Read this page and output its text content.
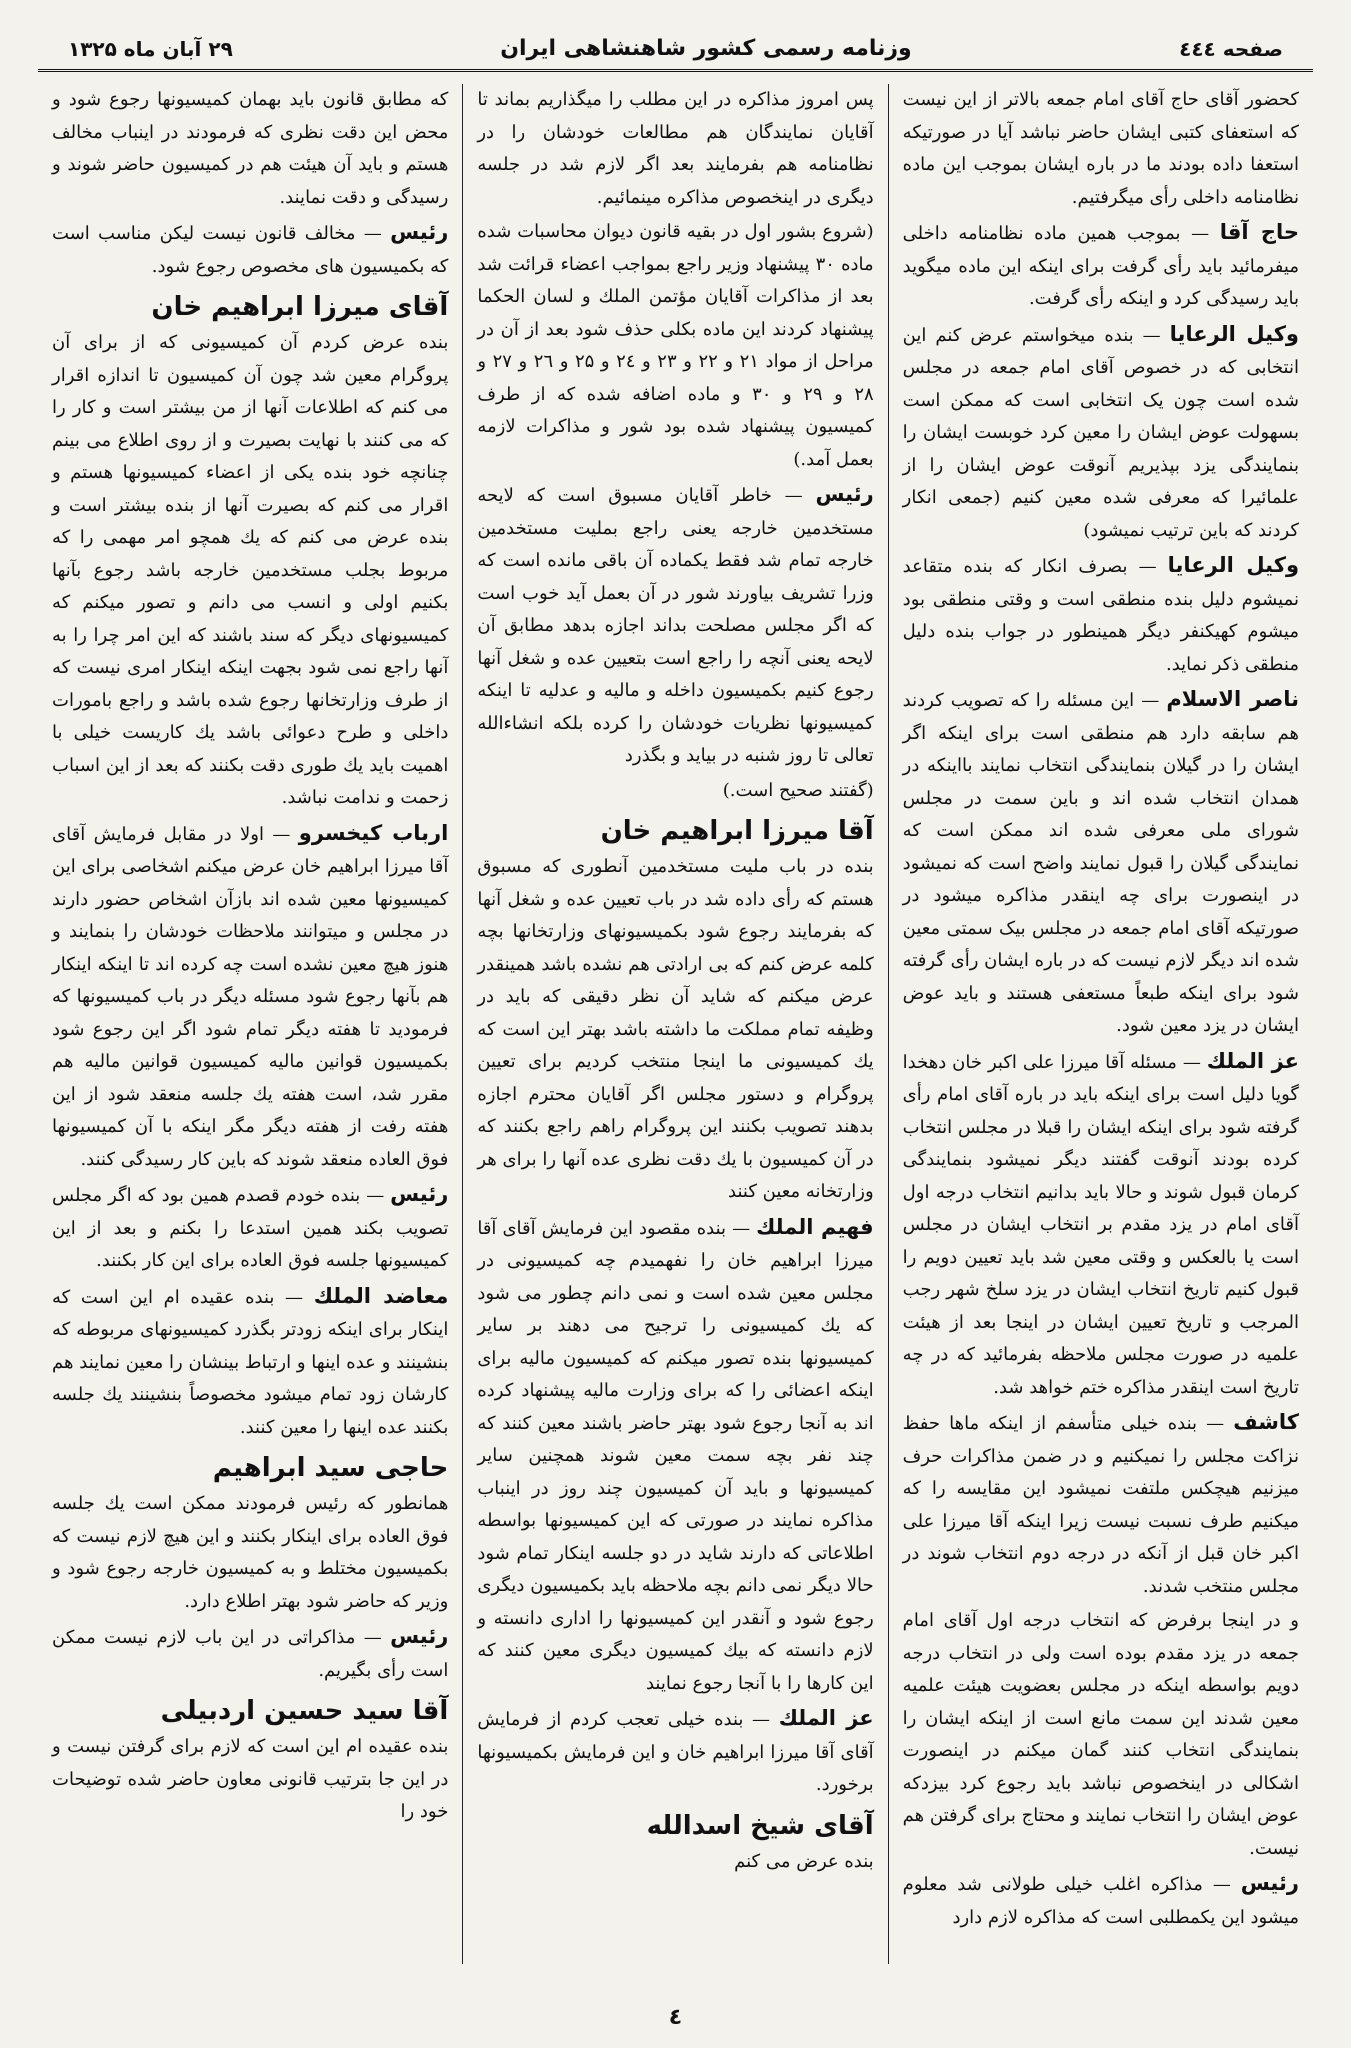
صفحه ٤٤٤
وزنامه رسمی کشور شاهنشاهی ایران
۲۹ آبان ماه ۱۳۲۵

کحضور آقای حاج آقای امام جمعه بالاتر از این نیست که استعفای کتبی ایشان حاضر نباشد آیا در صورتیکه استعفا داده بودند ما در باره ایشان بموجب این ماده نظامنامه داخلی رأی میگرفتیم.

حاج آقا — بموجب همین ماده نظامنامه داخلی میفرمائید باید رأی گرفت برای اینکه این ماده میگوید باید رسیدگی کرد و اینکه رأی گرفت.

وکیل الرعایا — بنده میخواستم عرض کنم این انتخابی که در خصوص آقای امام جمعه در مجلس شده است چون یک انتخابی است که ممکن است بسهولت عوض ایشان را معین کرد خوبست ایشان را بنمایندگی یزد بپذیریم آنوقت عوض ایشان را از علمائیرا که معرفی شده معین کنیم (جمعی انکار کردند که باین ترتیب نمیشود)

وکیل الرعایا — بصرف انکار که بنده متقاعد نمیشوم دلیل بنده منطقی است و وقتی منطقی بود میشوم کهیکنفر دیگر همینطور در جواب بنده دلیل منطقی ذکر نماید.

ناصر الاسلام — این مسئله را که تصویب کردند هم سابقه دارد هم منطقی است برای اینکه اگر ایشان را در گیلان بنمایندگی انتخاب نمایند بااینکه در همدان انتخاب شده اند و باین سمت در مجلس شورای ملی معرفی شده اند ممکن است که نمایندگی گیلان را قبول نمایند واضح است که نمیشود در اینصورت برای چه اینقدر مذاکره میشود در صورتیکه آقای امام جمعه در مجلس بیک سمتی معین شده اند دیگر لازم نیست که در باره ایشان رأی گرفته شود برای اینکه طبعاً مستعفی هستند و باید عوض ایشان در یزد معین شود.

عز الملك — مسئله آقا میرزا علی اکبر خان دهخدا گویا دلیل است برای اینکه باید در باره آقای امام رأی گرفته شود برای اینکه ایشان را قبلا در مجلس انتخاب کرده بودند آنوقت گفتند دیگر نمیشود بنمایندگی کرمان قبول شوند و حالا باید بدانیم انتخاب درجه اول آقای امام در یزد مقدم بر انتخاب ایشان در مجلس است یا بالعکس و وقتی معین شد باید تعیین دویم را قبول کنیم تاریخ انتخاب ایشان در یزد سلخ شهر رجب المرجب و تاریخ تعیین ایشان در اینجا بعد از هیئت علمیه در صورت مجلس ملاحظه بفرمائید که در چه تاریخ است اینقدر مذاکره ختم خواهد شد.

کاشف — بنده خیلی متأسفم از اینکه ماها حفظ نزاکت مجلس را نمیکنیم و در ضمن مذاکرات حرف میزنیم هیچکس ملتفت نمیشود این مقایسه را که میکنیم طرف نسبت نیست زیرا اینکه آقا میرزا علی اکبر خان قبل از آنکه در درجه دوم انتخاب شوند در مجلس منتخب شدند.

و در اینجا برفرض که انتخاب درجه اول آقای امام جمعه در یزد مقدم بوده است ولی در انتخاب درجه دویم بواسطه اینکه در مجلس بعضویت هیئت علمیه معین شدند این سمت مانع است از اینکه ایشان را بنمایندگی انتخاب کنند گمان میکنم در اینصورت اشکالی در اینخصوص نباشد باید رجوع کرد بیزدکه عوض ایشان را انتخاب نمایند و محتاج برای گرفتن هم نیست.

رئیس — مذاکره اغلب خیلی طولانی شد معلوم میشود این یکمطلبی است که مذاکره لازم دارد

پس امروز مذاکره در این مطلب را میگذاریم بماند تا آقایان نمایندگان هم مطالعات خودشان را در نظامنامه هم بفرمایند بعد اگر لازم شد در جلسه دیگری در اینخصوص مذاکره مینمائیم.

(شروع بشور اول در بقیه قانون دیوان محاسبات شده ماده ۳۰ پیشنهاد وزیر راجع بمواجب اعضاء قرائت شد بعد از مذاکرات آقایان مؤتمن الملك و لسان الحکما پیشنهاد کردند این ماده بکلی حذف شود بعد از آن در مراحل از مواد ۲۱ و ۲۲ و ۲۳ و ۲٤ و ۲۵ و ۲٦ و ۲۷ و ۲۸ و ۲۹ و ۳۰ و ماده اضافه شده که از طرف کمیسیون پیشنهاد شده بود شور و مذاکرات لازمه بعمل آمد.)

رئیس — خاطر آقایان مسبوق است که لایحه مستخدمین خارجه یعنی راجع بملیت مستخدمین خارجه تمام شد فقط یکماده آن باقی مانده است که وزرا تشریف بیاورند شور در آن بعمل آید خوب است که اگر مجلس مصلحت بداند اجازه بدهد مطابق آن لایحه یعنی آنچه را راجع است بتعیین عده و شغل آنها رجوع کنیم بکمیسیون داخله و مالیه و عدلیه تا اینکه کمیسیونها نظریات خودشان را کرده بلکه انشاءالله تعالی تا روز شنبه در بیاید و بگذرد

(گفتند صحیح است.)

آقا میرزا ابراهیم خان
بنده در باب ملیت مستخدمین آنطوری که مسبوق هستم که رأی داده شد در باب تعیین عده و شغل آنها که بفرمایند رجوع شود بکمیسیونهای وزارتخانها بچه کلمه عرض کنم که بی ارادتی هم نشده باشد همینقدر عرض میکنم که شاید آن نظر دقیقی که باید در وظیفه تمام مملکت ما داشته باشد بهتر این است که یك کمیسیونی ما اینجا منتخب کردیم برای تعیین پروگرام و دستور مجلس اگر آقایان محترم اجازه بدهند تصویب بکنند این پروگرام راهم راجع بکنند که در آن کمیسیون با یك دقت نظری عده آنها را برای هر وزارتخانه معین کنند

فهیم الملك — بنده مقصود این فرمایش آقای آقا میرزا ابراهیم خان را نفهمیدم چه کمیسیونی در مجلس معین شده است و نمی دانم چطور می شود که یك کمیسیونی را ترجیح می دهند بر سایر کمیسیونها بنده تصور میکنم که کمیسیون مالیه برای اینکه اعضائی را که برای وزارت مالیه پیشنهاد کرده اند به آنجا رجوع شود بهتر حاضر باشند معین کنند که چند نفر بچه سمت معین شوند همچنین سایر کمیسیونها و باید آن کمیسیون چند روز در اینباب مذاکره نمایند در صورتی که این کمیسیونها بواسطه اطلاعاتی که دارند شاید در دو جلسه اینکار تمام شود حالا دیگر نمی دانم بچه ملاحظه باید بکمیسیون دیگری رجوع شود و آنقدر این کمیسیونها را اداری دانسته و لازم دانسته که بیك کمیسیون دیگری معین کنند که این کارها را با آنجا رجوع نمایند

عز الملك — بنده خیلی تعجب کردم از فرمایش آقای آقا میرزا ابراهیم خان و این فرمایش بکمیسیونها برخورد.

آقای شیخ اسدالله
بنده عرض می کنم

که مطابق قانون باید بهمان کمیسیونها رجوع شود و محض این دقت نظری که فرمودند در اینباب مخالف هستم و باید آن هیئت هم در کمیسیون حاضر شوند و رسیدگی و دقت نمایند.

رئیس — مخالف قانون نیست لیکن مناسب است که بکمیسیون های مخصوص رجوع شود.

آقای میرزا ابراهیم خان
بنده عرض کردم آن کمیسیونی که از برای آن پروگرام معین شد چون آن کمیسیون تا اندازه اقرار می کنم که اطلاعات آنها از من بیشتر است و کار را که می کنند با نهایت بصیرت و از روی اطلاع می بینم چنانچه خود بنده یکی از اعضاء کمیسیونها هستم و اقرار می کنم که بصیرت آنها از بنده بیشتر است و بنده عرض می کنم که یك همچو امر مهمی را که مربوط بجلب مستخدمین خارجه باشد رجوع بآنها بکنیم اولی و انسب می دانم و تصور میکنم که کمیسیونهای دیگر که سند باشند که این امر چرا را به آنها راجع نمی شود بجهت اینکه اینکار امری نیست که از طرف وزارتخانها رجوع شده باشد و راجع بامورات داخلی و طرح دعوائی باشد یك کاریست خیلی با اهمیت باید یك طوری دقت بکنند که بعد از این اسباب زحمت و ندامت نباشد.

ارباب کیخسرو — اولا در مقابل فرمایش آقای آقا میرزا ابراهیم خان عرض میکنم اشخاصی برای این کمیسیونها معین شده اند بازآن اشخاص حضور دارند در مجلس و میتوانند ملاحظات خودشان را بنمایند و هنوز هیچ معین نشده است چه کرده اند تا اینکه اینکار هم بآنها رجوع شود مسئله دیگر در باب کمیسیونها که فرمودید تا هفته دیگر تمام شود اگر این رجوع شود بکمیسیون قوانین مالیه کمیسیون قوانین مالیه هم مقرر شد، است هفته یك جلسه منعقد شود از این هفته رفت از هفته دیگر مگر اینکه با آن کمیسیونها فوق العاده منعقد شوند که باین کار رسیدگی کنند.

رئیس — بنده خودم قصدم همین بود که اگر مجلس تصویب بکند همین استدعا را بکنم و بعد از این کمیسیونها جلسه فوق العاده برای این کار بکنند.

معاضد الملك — بنده عقیده ام این است که اینکار برای اینکه زودتر بگذرد کمیسیونهای مربوطه که بنشینند و عده اینها و ارتباط بینشان را معین نمایند هم کارشان زود تمام میشود مخصوصاً بنشینند یك جلسه بکنند عده اینها را معین کنند.

حاجی سید ابراهیم
همانطور که رئیس فرمودند ممکن است یك جلسه فوق العاده برای اینکار بکنند و این هیچ لازم نیست که بکمیسیون مختلط و به کمیسیون خارجه رجوع شود و وزیر که حاضر شود بهتر اطلاع دارد.

رئیس — مذاکراتی در این باب لازم نیست ممکن است رأی بگیریم.

آقا سید حسین اردبیلی
بنده عقیده ام این است که لازم برای گرفتن نیست و در این جا بترتیب قانونی معاون حاضر شده توضیحات خود را

٤
